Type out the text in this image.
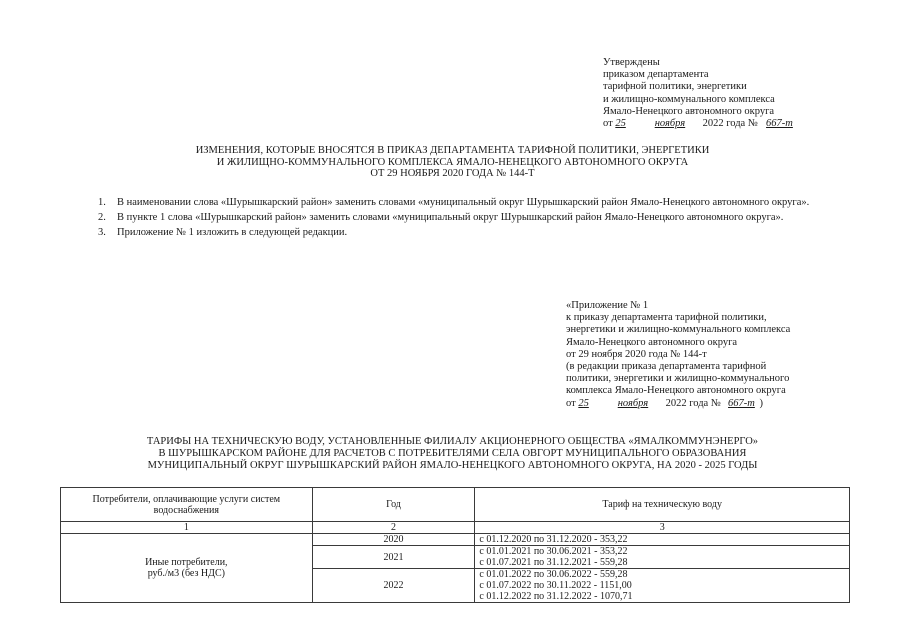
Утверждены
приказом департамента
тарифной политики, энергетики
и жилищно-коммунального комплекса
Ямало-Ненецкого автономного округа
от 25	ноября 2022 года № 667-т
ИЗМЕНЕНИЯ, КОТОРЫЕ ВНОСЯТСЯ В ПРИКАЗ ДЕПАРТАМЕНТА ТАРИФНОЙ ПОЛИТИКИ, ЭНЕРГЕТИКИ
И ЖИЛИЩНО-КОММУНАЛЬНОГО КОМПЛЕКСА ЯМАЛО-НЕНЕЦКОГО АВТОНОМНОГО ОКРУГА
ОТ 29 НОЯБРЯ 2020 ГОДА № 144-Т
1.	В наименовании слова «Шурышкарский район» заменить словами «муниципальный округ Шурышкарский район Ямало-Ненецкого автономного округа».
2.	В пункте 1 слова «Шурышкарский район» заменить словами «муниципальный округ Шурышкарский район Ямало-Ненецкого автономного округа».
3.	Приложение № 1 изложить в следующей редакции.
«Приложение № 1
к приказу департамента тарифной политики,
энергетики и жилищно-коммунального комплекса
Ямало-Ненецкого автономного округа
от 29 ноября 2020 года № 144-т
(в редакции приказа департамента тарифной
политики, энергетики и жилищно-коммунального
комплекса Ямало-Ненецкого автономного округа
от 25	ноября 2022 года № 667-т )
ТАРИФЫ НА ТЕХНИЧЕСКУЮ ВОДУ, УСТАНОВЛЕННЫЕ ФИЛИАЛУ АКЦИОНЕРНОГО ОБЩЕСТВА «ЯМАЛКОММУНЭНЕРГО»
В ШУРЫШКАРСКОМ РАЙОНЕ ДЛЯ РАСЧЕТОВ С ПОТРЕБИТЕЛЯМИ СЕЛА ОВГОРТ МУНИЦИПАЛЬНОГО ОБРАЗОВАНИЯ
МУНИЦИПАЛЬНЫЙ ОКРУГ ШУРЫШКАРСКИЙ РАЙОН ЯМАЛО-НЕНЕЦКОГО АВТОНОМНОГО ОКРУГА, НА 2020 - 2025 ГОДЫ
Потребители, оплачивающие услуги систем водоснабжения	Год	Тариф на техническую воду
1	2	3

Иные потребители,
руб./м3 (без НДС)	2020	с 01.12.2020 по 31.12.2020 - 353,22

	2021	с 01.01.2021 по 30.06.2021 - 353,22
с 01.07.2021 по 31.12.2021 - 559,28

	2022	с 01.01.2022 по 30.06.2022 - 559,28
с 01.07.2022 по 30.11.2022 - 1151,00
с 01.12.2022 по 31.12.2022 - 1070,71
